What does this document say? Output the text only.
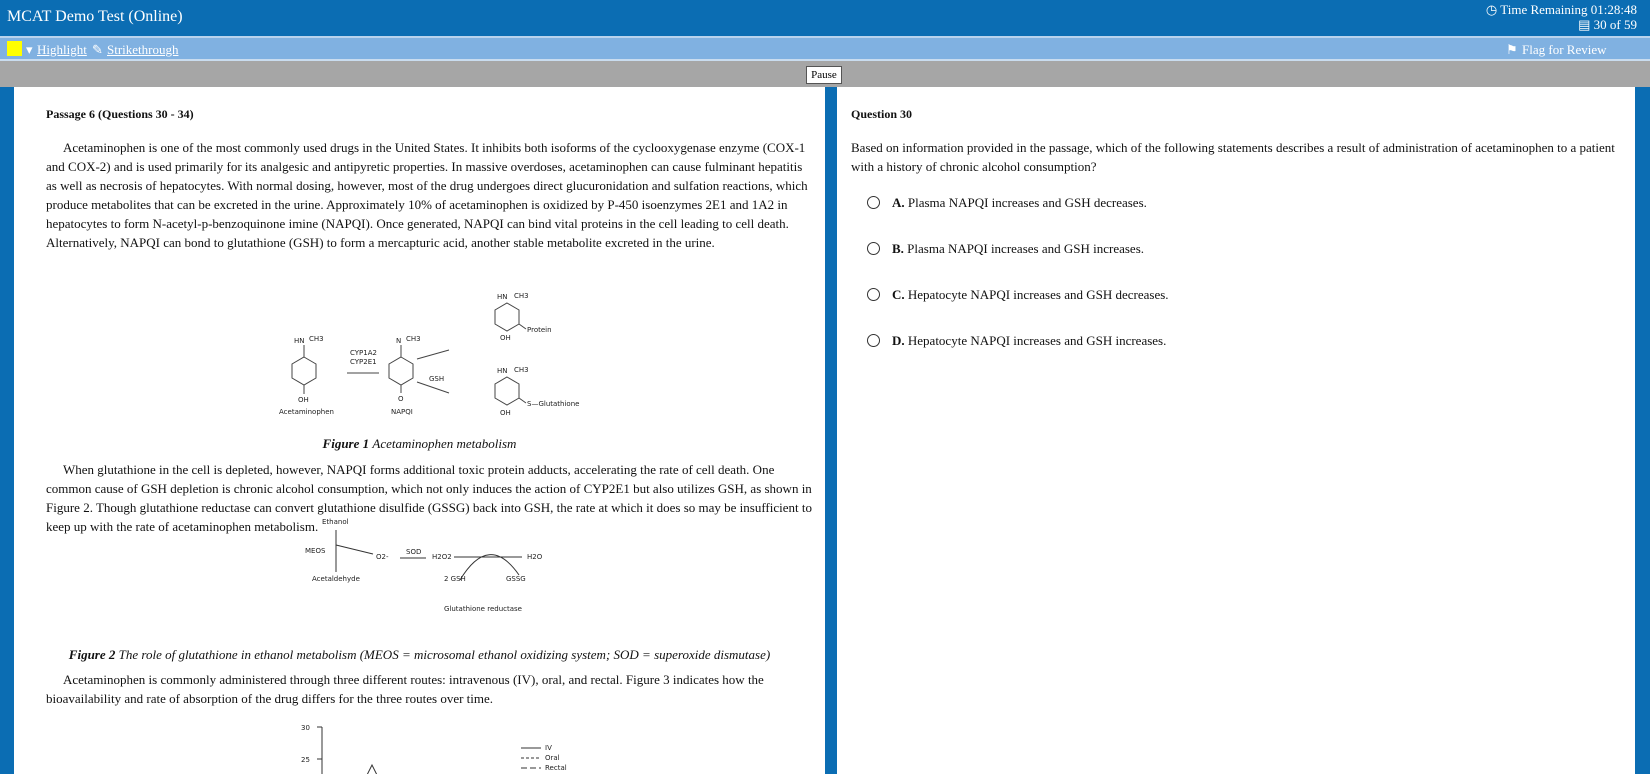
MCAT Demo Test (Online)	◷ Time Remaining 01:28:48
▤ 30 of 59
▾ Highlight ✎ Strikethrough	⚑ Flag for Review
Pause
Passage 6 (Questions 30 - 34)
Acetaminophen is one of the most commonly used drugs in the United States. It inhibits both isoforms of the cyclooxygenase enzyme (COX-1 and COX-2) and is used primarily for its analgesic and antipyretic properties. In massive overdoses, acetaminophen can cause fulminant hepatitis as well as necrosis of hepatocytes. With normal dosing, however, most of the drug undergoes direct glucuronidation and sulfation reactions, which produce metabolites that can be excreted in the urine. Approximately 10% of acetaminophen is oxidized by P-450 isoenzymes 2E1 and 1A2 in hepatocytes to form N-acetyl-p-benzoquinone imine (NAPQI). Once generated, NAPQI can bind vital proteins in the cell leading to cell death. Alternatively, NAPQI can bond to glutathione (GSH) to form a mercapturic acid, another stable metabolite excreted in the urine.
HN CH3
OH
Acetaminophen
CYP1A2
CYP2E1
N CH3
O
NAPQI
GSH
HN CH3
Protein
OH
HN CH3
S—Glutathione
OH
Figure 1 Acetaminophen metabolism
When glutathione in the cell is depleted, however, NAPQI forms additional toxic protein adducts, accelerating the rate of cell death. One common cause of GSH depletion is chronic alcohol consumption, which not only induces the action of CYP2E1 but also utilizes GSH, as shown in Figure 2. Though glutathione reductase can convert glutathione disulfide (GSSG) back into GSH, the rate at which it does so may be insufficient to keep up with the rate of acetaminophen metabolism. Ethanol
MEOS
Acetaldehyde
O2-
SOD
H2O2	H2O
2 GSH	GSSG
Glutathione reductase
Figure 2 The role of glutathione in ethanol metabolism (MEOS = microsomal ethanol oxidizing system; SOD = superoxide dismutase)
Acetaminophen is commonly administered through three different routes: intravenous (IV), oral, and rectal. Figure 3 indicates how the bioavailability and rate of absorption of the drug differs for the three routes over time.
30
25
IV
Oral
Rectal
Question 30
Based on information provided in the passage, which of the following statements describes a result of administration of acetaminophen to a patient with a history of chronic alcohol consumption?
A. Plasma NAPQI increases and GSH decreases.
B. Plasma NAPQI increases and GSH increases.
C. Hepatocyte NAPQI increases and GSH decreases.
D. Hepatocyte NAPQI increases and GSH increases.
